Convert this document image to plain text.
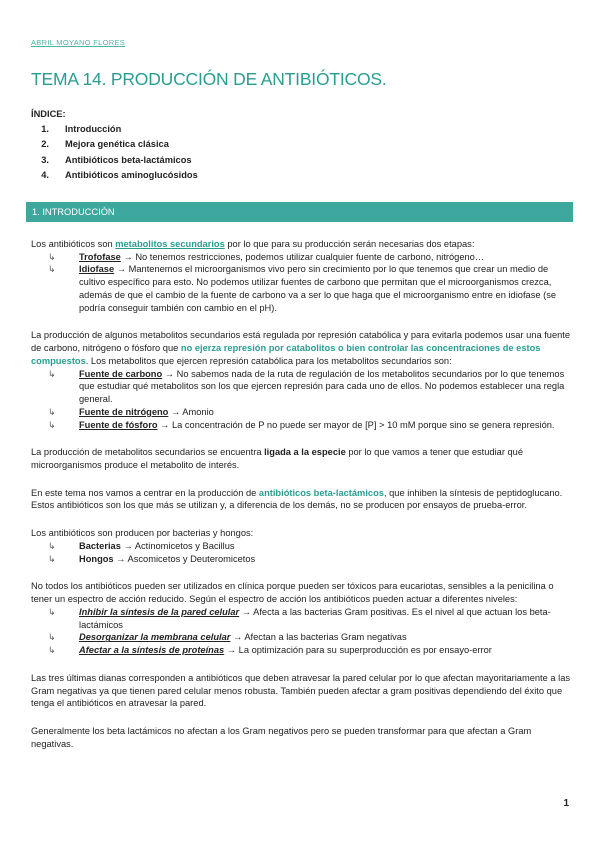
ABRIL MOYANO FLORES
TEMA 14. PRODUCCIÓN DE ANTIBIÓTICOS.
ÍNDICE:
1.	Introducción
2.	Mejora genética clásica
3.	Antibióticos beta-lactámicos
4.	Antibióticos aminoglucósidos
1. INTRODUCCIÓN

Los antibióticos son metabolitos secundarios por lo que para su producción serán necesarias dos etapas:

↳	Trofofase → No tenemos restricciones, podemos utilizar cualquier fuente de carbono, nitrógeno…
↳	Idiofase → Mantenemos el microorganismos vivo pero sin crecimiento por lo que tenemos que crear un medio de cultivo específico para esto. No podemos utilizar fuentes de carbono que permitan que el microorganismos crezca, además de que el cambio de la fuente de carbono va a ser lo que haga que el microorganismo entre en idiofase (se podría conseguir también con cambio en el pH).

La producción de algunos metabolitos secundarios está regulada por represión catabólica y para evitarla podemos usar una fuente de carbono, nitrógeno o fósforo que no ejerza represión por catabolitos o bien controlar las concentraciones de estos compuestos. Los metabolitos que ejercen represión catabólica para los metabolitos secundarios son:

↳	Fuente de carbono → No sabemos nada de la ruta de regulación de los metabolitos secundarios por lo que tenemos que estudiar qué metabolitos son los que ejercen represión para cada uno de ellos. No podemos establecer una regla general.
↳	Fuente de nitrógeno → Amonio
↳	Fuente de fósforo → La concentración de P no puede ser mayor de [P] > 10 mM porque sino se genera represión.

La producción de metabolitos secundarios se encuentra ligada a la especie por lo que vamos a tener que estudiar qué microorganismos produce el metabolito de interés.

En este tema nos vamos a centrar en la producción de antibióticos beta-lactámicos, que inhiben la síntesis de peptidoglucano. Estos antibióticos son los que más se utilizan y, a diferencia de los demás, no se producen por ensayos de prueba-error.

Los antibióticos son producen por bacterias y hongos:

↳	Bacterias → Actinomicetos y Bacillus
↳	Hongos → Ascomicetos y Deuteromicetos

No todos los antibióticos pueden ser utilizados en clínica porque pueden ser tóxicos para eucariotas, sensibles a la penicilina o tener un espectro de acción reducido. Según el espectro de acción los antibióticos pueden actuar a diferentes niveles:

↳	Inhibir la síntesis de la pared celular → Afecta a las bacterias Gram positivas. Es el nivel al que actuan los beta-lactámicos
↳	Desorganizar la membrana celular → Afectan a las bacterias Gram negativas
↳	Afectar a la síntesis de proteínas → La optimización para su superproducción es por ensayo-error

Las tres últimas dianas corresponden a antibióticos que deben atravesar la pared celular por lo que afectan mayoritariamente a las Gram negativas ya que tienen pared celular menos robusta. También pueden afectar a gram positivas dependiendo del éxito que tenga el antibióticos en atravesar la pared.

Generalmente los beta lactámicos no afectan a los Gram negativos pero se pueden transformar para que afectan a Gram negativas.

1
